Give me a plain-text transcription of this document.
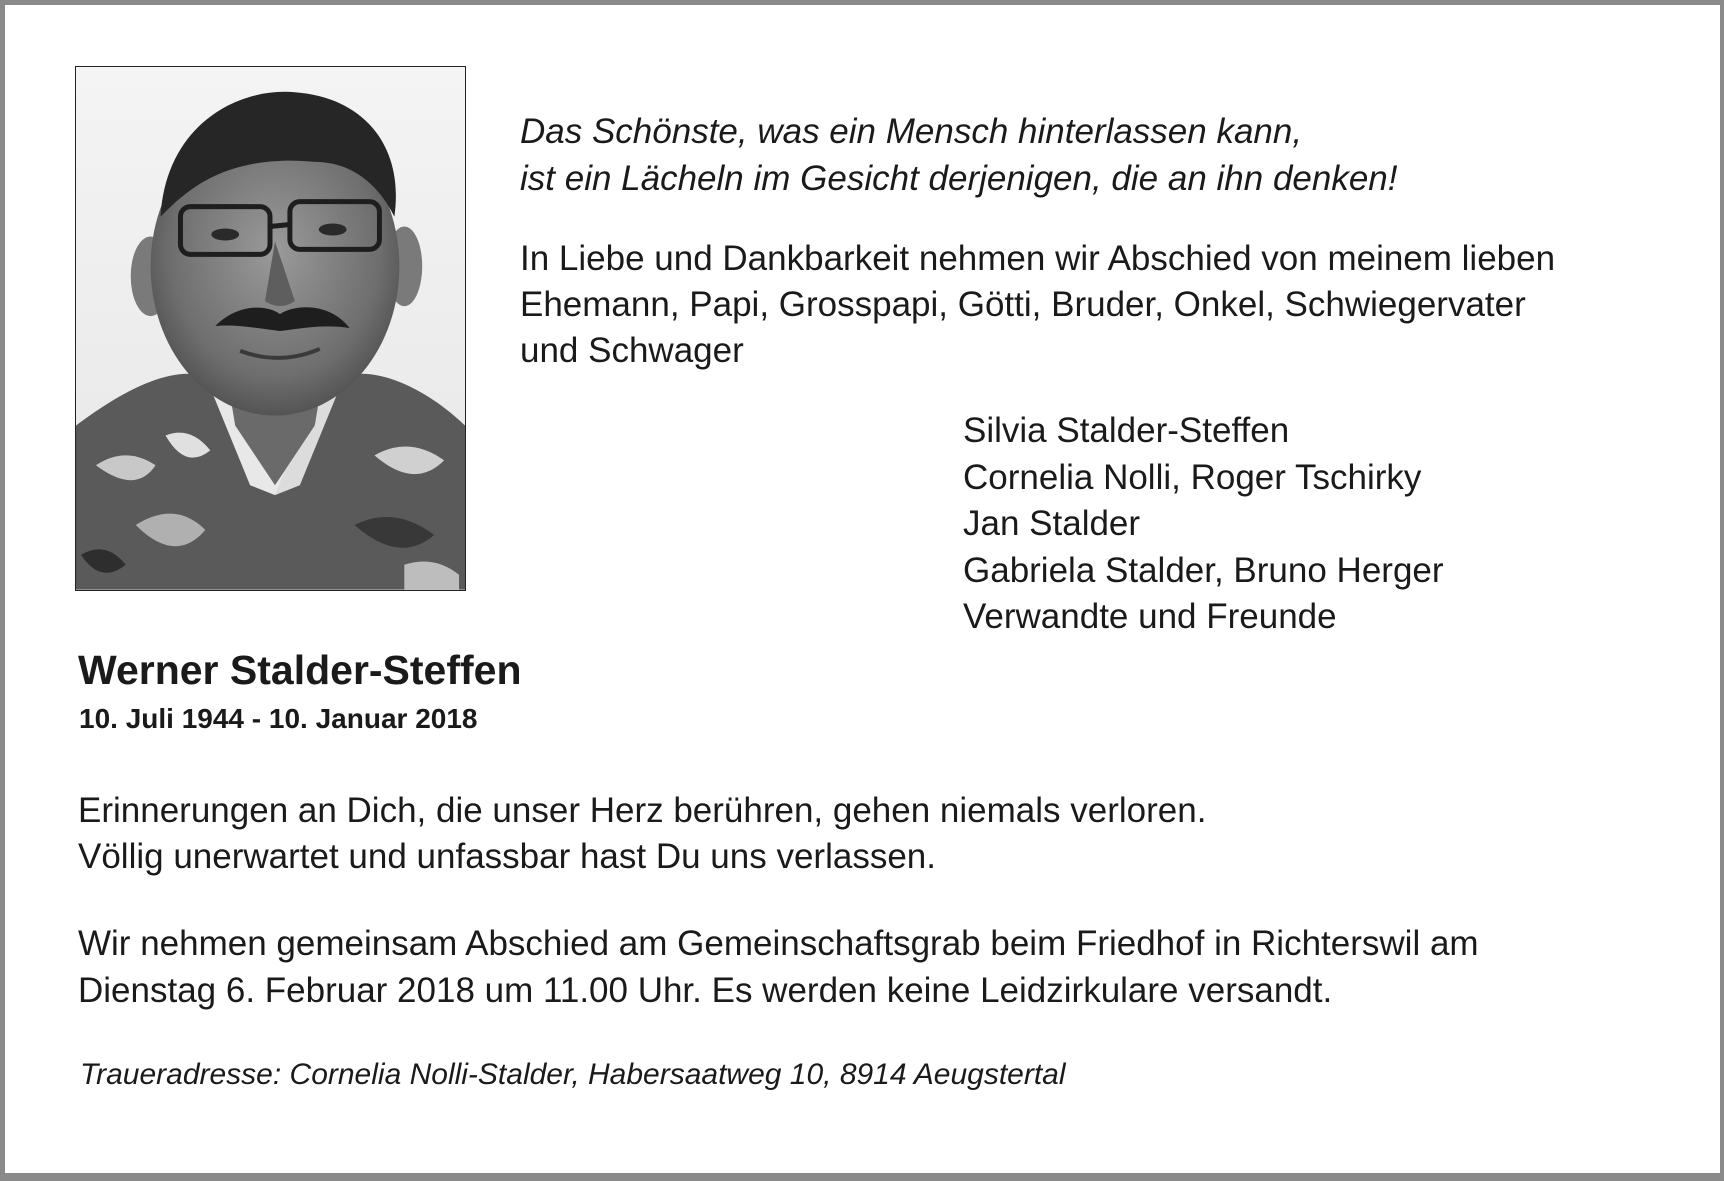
Das Schönste, was ein Mensch hinterlassen kann,
ist ein Lächeln im Gesicht derjenigen, die an ihn denken!
In Liebe und Dankbarkeit nehmen wir Abschied von meinem lieben
Ehemann, Papi, Grosspapi, Götti, Bruder, Onkel, Schwiegervater
und Schwager
Silvia Stalder-Steffen
Cornelia Nolli, Roger Tschirky
Jan Stalder
Gabriela Stalder, Bruno Herger
Verwandte und Freunde
Werner Stalder-Steffen
10. Juli 1944 - 10. Januar 2018
Erinnerungen an Dich, die unser Herz berühren, gehen niemals verloren.
Völlig unerwartet und unfassbar hast Du uns verlassen.
Wir nehmen gemeinsam Abschied am Gemeinschaftsgrab beim Friedhof in Richterswil am
Dienstag 6. Februar 2018 um 11.00 Uhr. Es werden keine Leidzirkulare versandt.
Traueradresse: Cornelia Nolli-Stalder, Habersaatweg 10, 8914 Aeugstertal
